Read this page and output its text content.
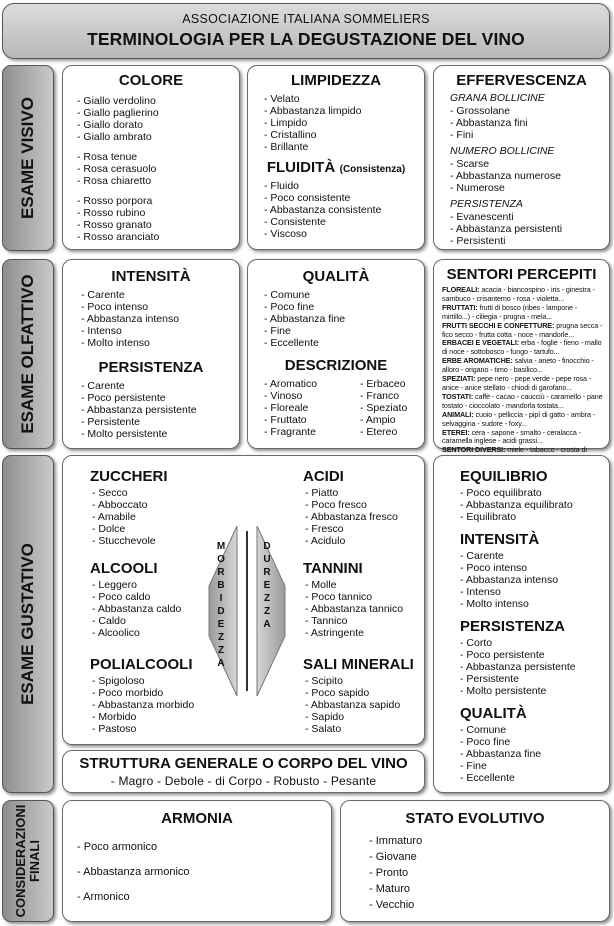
ASSOCIAZIONE ITALIANA SOMMELIERS
TERMINOLOGIA PER LA DEGUSTAZIONE DEL VINO
ESAME VISIVO
ESAME OLFATTIVO
ESAME GUSTATIVO
CONSIDERAZIONI FINALI
COLORE
- Giallo verdolino
- Giallo paglierino
- Giallo dorato
- Giallo ambrato
- Rosa tenue
- Rosa cerasuolo
- Rosa chiaretto
- Rosso porpora
- Rosso rubino
- Rosso granato
- Rosso aranciato
LIMPIDEZZA
- Velato
- Abbastanza limpido
- Limpido
- Cristallino
- Brillante
FLUIDITÀ (Consistenza)
- Fluido
- Poco consistente
- Abbastanza consistente
- Consistente
- Viscoso
EFFERVESCENZA
GRANA BOLLICINE
- Grossolane
- Abbastanza fini
- Fini
NUMERO BOLLICINE
- Scarse
- Abbastanza numerose
- Numerose
PERSISTENZA
- Evanescenti
- Abbastanza persistenti
- Persistenti
INTENSITÀ
- Carente
- Poco intenso
- Abbastanza intenso
- Intenso
- Molto intenso
PERSISTENZA
- Carente
- Poco persistente
- Abbastanza persistente
- Persistente
- Molto persistente
QUALITÀ
- Comune
- Poco fine
- Abbastanza fine
- Fine
- Eccellente
DESCRIZIONE
- Aromatico
- Vinoso
- Floreale
- Fruttato
- Fragrante
- Erbaceo
- Franco
- Speziato
- Ampio
- Etereo
SENTORI PERCEPITI
FLOREALI: acacia - biancospino - iris - ginestra - sambuco - crisantemo - rosa - violetta...
FRUTTATI: frutti di bosco (ribes - lampone - mirtillo...) - ciliegia - prugna - mela...
FRUTTI SECCHI E CONFETTURE: prugna secca - fico secco - frutta cotta - noce - mandorle...
ERBACEI E VEGETALI: erba - foglie - fieno - mallo di noce - sottobosco - fungo - tartufo...
ERBE AROMATICHE: salvia - aneto - finocchio - alloro - origano - timo - basilico...
SPEZIATI: pepe nero - pepe verde - pepe rosa - anice - anice stellato - chiodi di garofano...
TOSTATI: caffè - cacao - caucciù - caramello - pane tostato - cioccolato - mandorla tostata...
ANIMALI: cuoio - pelliccia - pipì di gatto - ambra - selvaggina - sudore - foxy...
ETEREI: cera - sapone - smalto - ceralacca - caramella inglese - acidi grassi...
SENTORI DIVERSI: miele - tabacco - crosta di
ZUCCHERI
- Secco
- Abboccato
- Amabile
- Dolce
- Stucchevole
ALCOOLI
- Leggero
- Poco caldo
- Abbastanza caldo
- Caldo
- Alcoolico
POLIALCOOLI
- Spigoloso
- Poco morbido
- Abbastanza morbido
- Morbido
- Pastoso
M
O
R
B
I
D
E
Z
Z
A
D
U
R
E
Z
Z
A
ACIDI
- Piatto
- Poco fresco
- Abbastanza fresco
- Fresco
- Acidulo
TANNINI
- Molle
- Poco tannico
- Abbastanza tannico
- Tannico
- Astringente
SALI MINERALI
- Scipito
- Poco sapido
- Abbastanza sapido
- Sapido
- Salato
STRUTTURA GENERALE O CORPO DEL VINO
- Magro - Debole - di Corpo - Robusto - Pesante
EQUILIBRIO
- Poco equilibrato
- Abbastanza equilibrato
- Equilibrato
INTENSITÀ
- Carente
- Poco intenso
- Abbastanza intenso
- Intenso
- Molto intenso
PERSISTENZA
- Corto
- Poco persistente
- Abbastanza persistente
- Persistente
- Molto persistente
QUALITÀ
- Comune
- Poco fine
- Abbastanza fine
- Fine
- Eccellente
ARMONIA
- Poco armonico
- Abbastanza armonico
- Armonico
STATO EVOLUTIVO
- Immaturo
- Giovane
- Pronto
- Maturo
- Vecchio
